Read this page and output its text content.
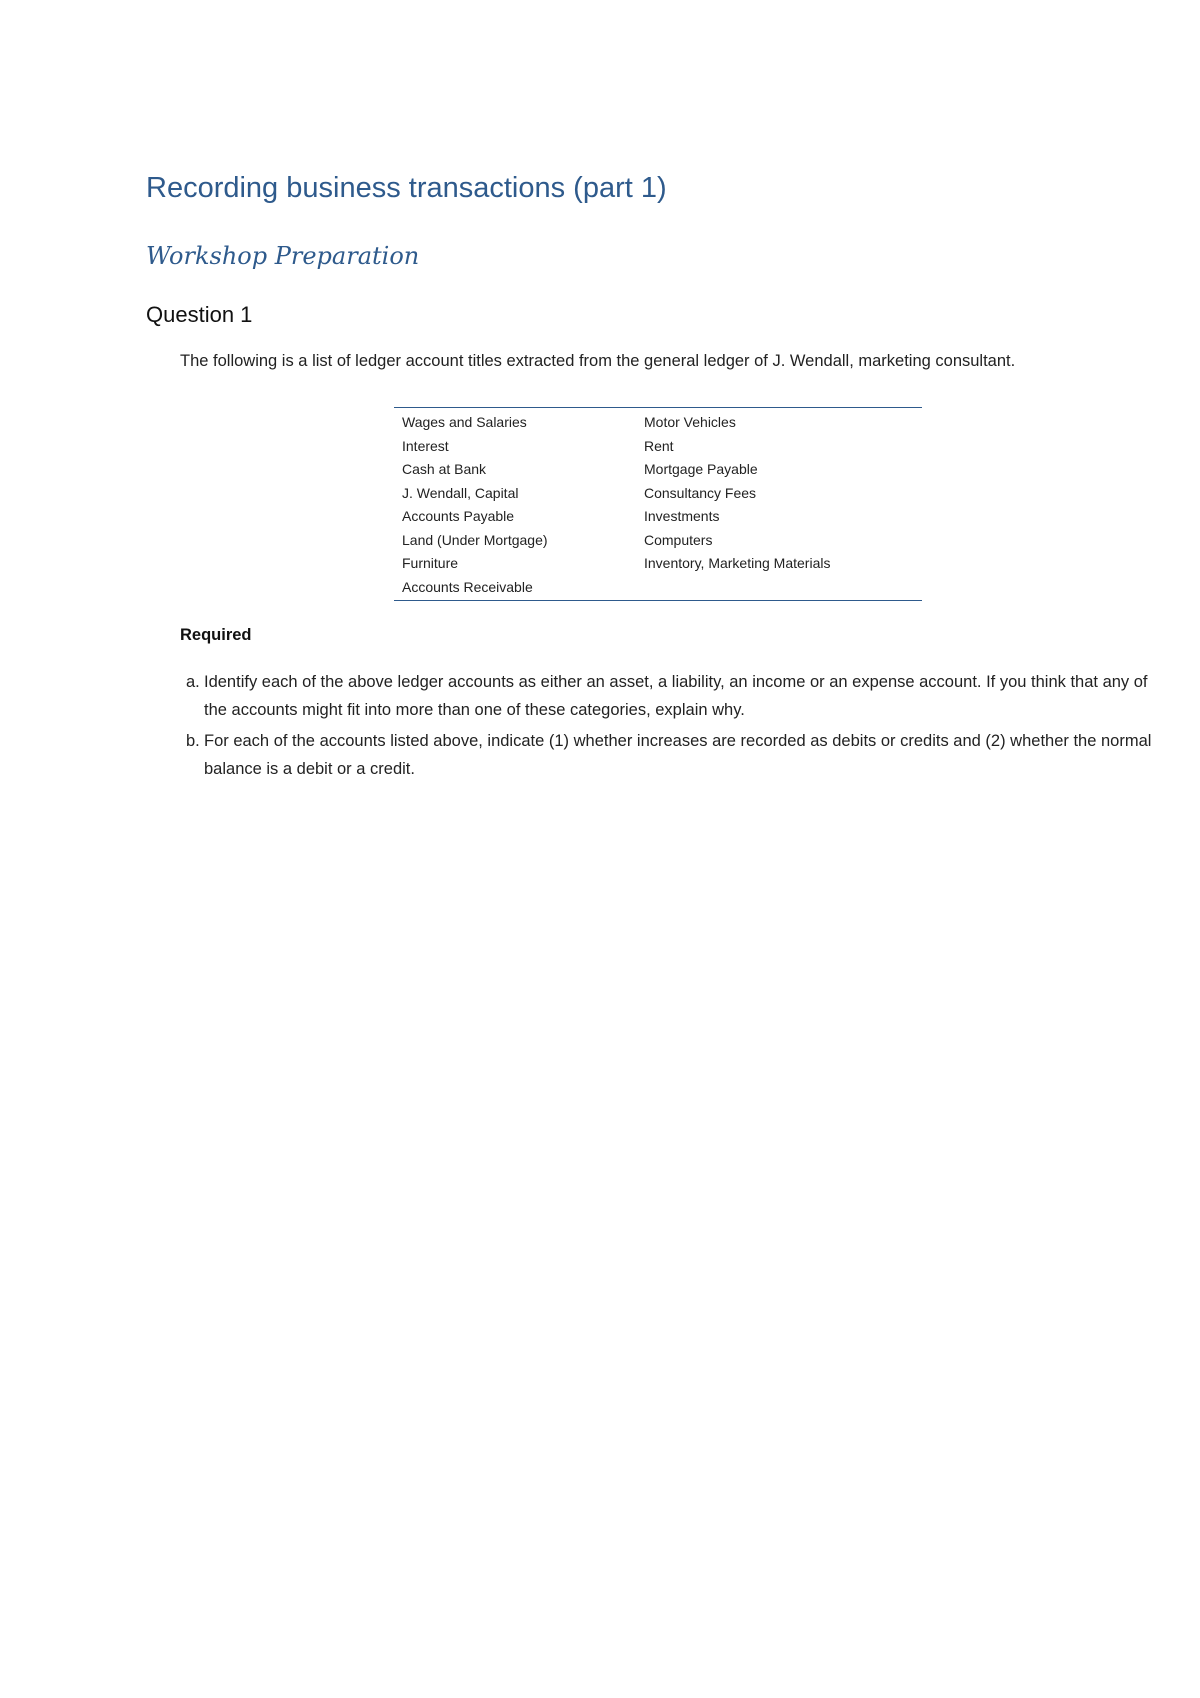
Recording business transactions (part 1)
Workshop Preparation
Question 1

The following is a list of ledger account titles extracted from the general ledger of J. Wendall, marketing consultant.

Wages and Salaries	Motor Vehicles
Interest	Rent
Cash at Bank	Mortgage Payable
J. Wendall, Capital	Consultancy Fees
Accounts Payable	Investments
Land (Under Mortgage)	Computers
Furniture	Inventory, Marketing Materials
Accounts Receivable	

Required

a. Identify each of the above ledger accounts as either an asset, a liability, an income or an expense account. If you think that any of the accounts might fit into more than one of these categories, explain why.
b. For each of the accounts listed above, indicate (1) whether increases are recorded as debits or credits and (2) whether the normal balance is a debit or a credit.
